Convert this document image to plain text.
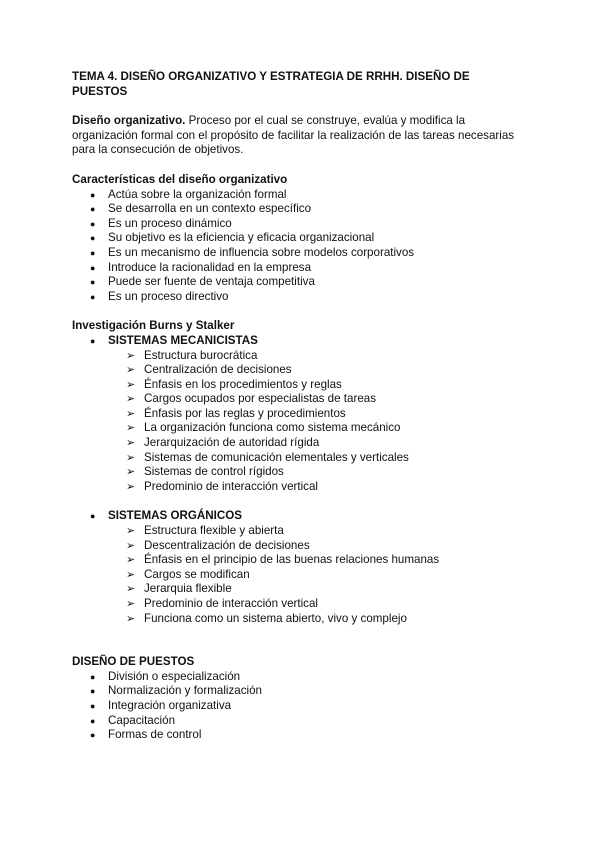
TEMA 4. DISEÑO ORGANIZATIVO Y ESTRATEGIA DE RRHH. DISEÑO DE PUESTOS

Diseño organizativo. Proceso por el cual se construye, evalúa y modifica la organización formal con el propósito de facilitar la realización de las tareas necesarias para la consecución de objetivos.

Características del diseño organizativo

● Actúa sobre la organización formal
● Se desarrolla en un contexto específico
● Es un proceso dinámico
● Su objetivo es la eficiencia y eficacia organizacional
● Es un mecanismo de influencia sobre modelos corporativos
● Introduce la racionalidad en la empresa
● Puede ser fuente de ventaja competitiva
● Es un proceso directivo

Investigación Burns y Stalker

● SISTEMAS MECANICISTAS
➢ Estructura burocrática
➢ Centralización de decisiones
➢ Énfasis en los procedimientos y reglas
➢ Cargos ocupados por especialistas de tareas
➢ Énfasis por las reglas y procedimientos
➢ La organización funciona como sistema mecánico
➢ Jerarquización de autoridad rígida
➢ Sistemas de comunicación elementales y verticales
➢ Sistemas de control rígidos
➢ Predominio de interacción vertical
● SISTEMAS ORGÁNICOS
➢ Estructura flexible y abierta
➢ Descentralización de decisiones
➢ Énfasis en el principio de las buenas relaciones humanas
➢ Cargos se modifican
➢ Jerarquia flexible
➢ Predominio de interacción vertical
➢ Funciona como un sistema abierto, vivo y complejo

DISEÑO DE PUESTOS

● División o especialización
● Normalización y formalización
● Integración organizativa
● Capacitación
● Formas de control
